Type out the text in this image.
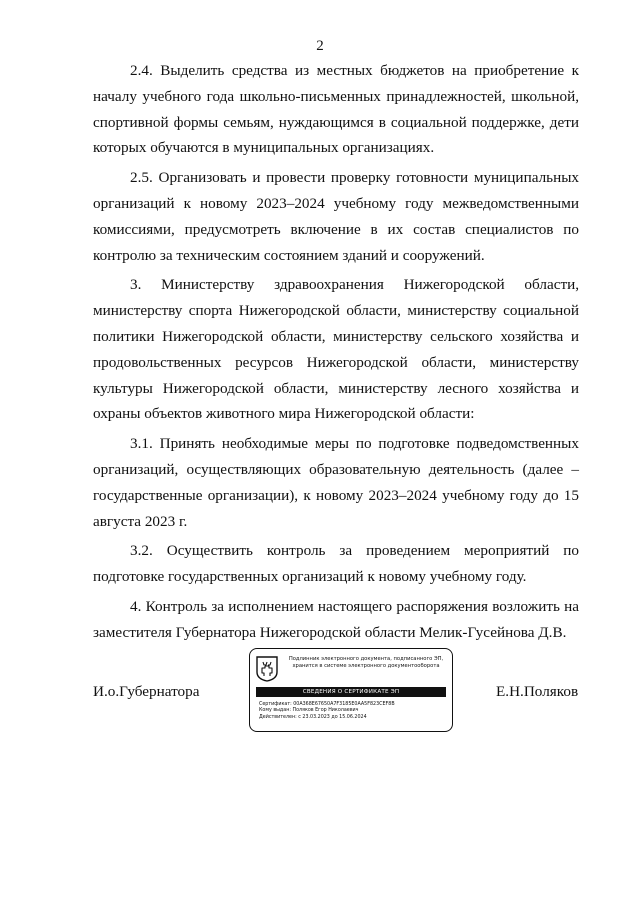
2

2.4. Выделить средства из местных бюджетов на приобретение к началу учебного года школьно-письменных принадлежностей, школьной, спортивной формы семьям, нуждающимся в социальной поддержке, дети которых обучаются в муниципальных организациях.

2.5. Организовать и провести проверку готовности муниципальных организаций к новому 2023–2024 учебному году межведомственными комиссиями, предусмотреть включение в их состав специалистов по контролю за техническим состоянием зданий и сооружений.

3. Министерству здравоохранения Нижегородской области, министерству спорта Нижегородской области, министерству социальной политики Нижегородской области, министерству сельского хозяйства и продовольственных ресурсов Нижегородской области, министерству культуры Нижегородской области, министерству лесного хозяйства и охраны объектов животного мира Нижегородской области:

3.1. Принять необходимые меры по подготовке подведомственных организаций, осуществляющих образовательную деятельность (далее – государственные организации), к новому 2023–2024 учебному году до 15 августа 2023 г.

3.2. Осуществить контроль за проведением мероприятий по подготовке государственных организаций к новому учебному году.

4. Контроль за исполнением настоящего распоряжения возложить на заместителя Губернатора Нижегородской области Мелик-Гусейнова Д.В.

И.о.Губернатора
Подлинник электронного документа, подписанного ЭП, хранится в системе электронного документооборота
СВЕДЕНИЯ О СЕРТИФИКАТЕ ЭП
Сертификат: 00A368E67650A7F3185E0AA5F823CEF8B
Кому выдан: Поляков Егор Николаевич
Действителен: с 23.03.2023 до 15.06.2024
Е.Н.Поляков
